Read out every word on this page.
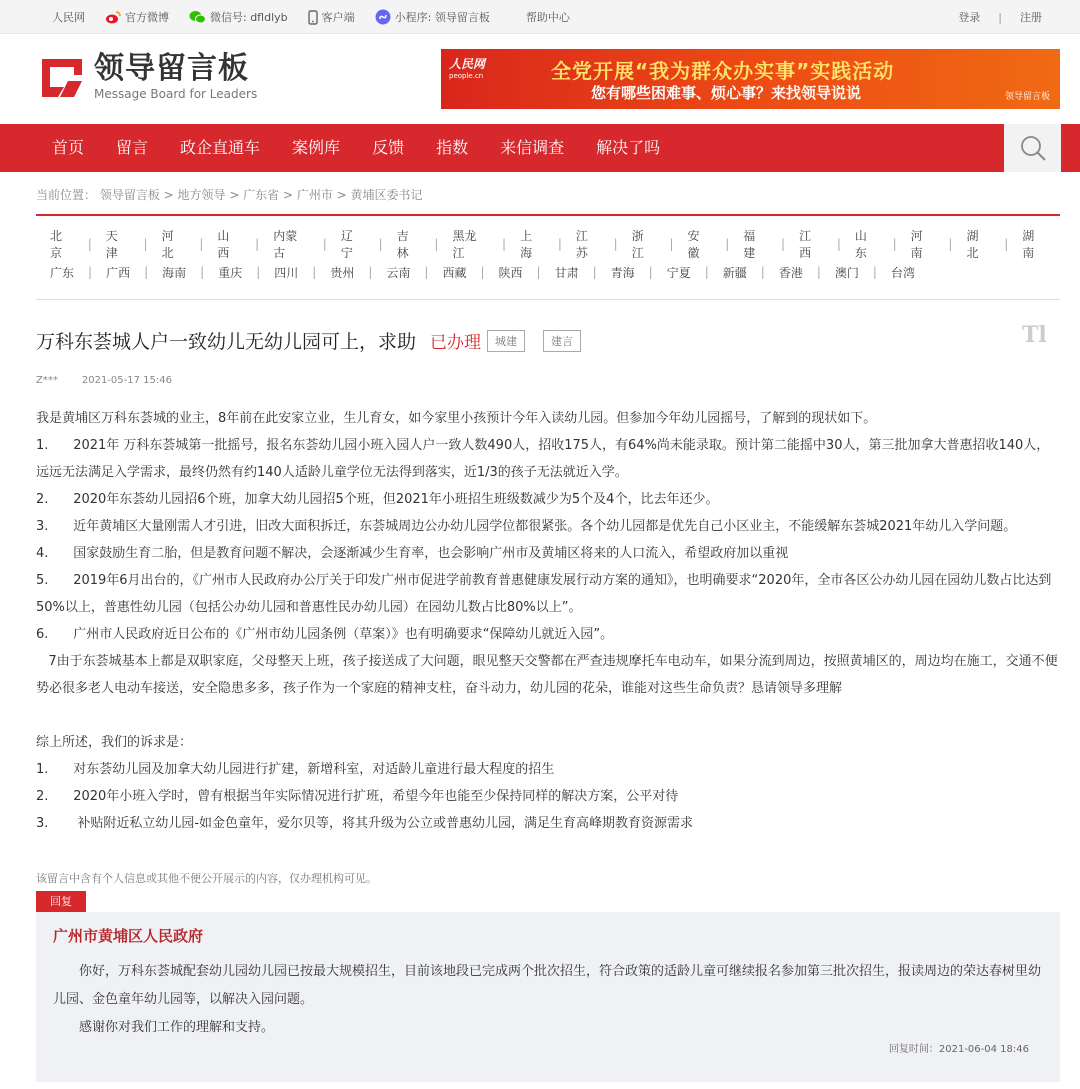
人民网	官方微博	微信号: dfldlyb	客户端	小程序: 领导留言板	帮助中心	登录 | 注册
领导留言板
Message Board for Leaders
人民网
people.cn	全党开展“我为群众办实事”实践活动
您有哪些困难事、烦心事？来找领导说说	领导留言板
首页	留言	政企直通车	案例库	反馈	指数	来信调查	解决了吗
当前位置： 领导留言板 > 地方领导 > 广东省 > 广州市 > 黄埔区委书记
北京
|
天津
|
河北
|
山西
|
内蒙古
|
辽宁
|
吉林
|
黑龙江
|
上海
|
江苏
|
浙江
|
安徽
|
福建
|
江西
|
山东
|
河南
|
湖北
|
湖南
广东	|	广西	|	海南	|	重庆	|	四川	|	贵州	|	云南	|	西藏	|	陕西	|	甘肃	|	青海	|	宁夏	|	新疆	|	香港	|	澳门	|	台湾
万科东荟城人户一致幼儿无幼儿园可上，求助 已办理	城建	建言	Tl
Z*** 2021-05-17 15:46

我是黄埔区万科东荟城的业主，8年前在此安家立业，生儿育女，如今家里小孩预计今年入读幼儿园。但参加今年幼儿园摇号，了解到的现状如下。

1.      2021年 万科东荟城第一批摇号，报名东荟幼儿园小班入园人户一致人数490人，招收175人，有64%尚未能录取。预计第二能摇中30人，第三批加拿大普惠招收140人，远远无法满足入学需求，最终仍然有约140人适龄儿童学位无法得到落实，近1/3的孩子无法就近入学。

2.      2020年东荟幼儿园招6个班，加拿大幼儿园招5个班，但2021年小班招生班级数减少为5个及4个，比去年还少。

3.      近年黄埔区大量刚需人才引进，旧改大面积拆迁，东荟城周边公办幼儿园学位都很紧张。各个幼儿园都是优先自己小区业主，不能缓解东荟城2021年幼儿入学问题。

4.      国家鼓励生育二胎，但是教育问题不解决，会逐渐减少生育率，也会影响广州市及黄埔区将来的人口流入，希望政府加以重视

5.      2019年6月出台的，《广州市人民政府办公厅关于印发广州市促进学前教育普惠健康发展行动方案的通知》，也明确要求“2020年，全市各区公办幼儿园在园幼儿数占比达到50%以上，普惠性幼儿园（包括公办幼儿园和普惠性民办幼儿园）在园幼儿数占比80%以上”。

6.      广州市人民政府近日公布的《广州市幼儿园条例（草案）》也有明确要求“保障幼儿就近入园”。

7由于东荟城基本上都是双职家庭，父母整天上班，孩子接送成了大问题，眼见整天交警都在严查违规摩托车电动车，如果分流到周边，按照黄埔区的，周边均在施工，交通不便势必很多老人电动车接送，安全隐患多多，孩子作为一个家庭的精神支柱，奋斗动力，幼儿园的花朵，谁能对这些生命负责？恳请领导多理解

综上所述，我们的诉求是：

1.      对东荟幼儿园及加拿大幼儿园进行扩建，新增科室，对适龄儿童进行最大程度的招生

2.      2020年小班入学时，曾有根据当年实际情况进行扩班，希望今年也能至少保持同样的解决方案，公平对待

3.       补贴附近私立幼儿园-如金色童年，爱尔贝等，将其升级为公立或普惠幼儿园，满足生育高峰期教育资源需求

该留言中含有个人信息或其他不便公开展示的内容，仅办理机构可见。
回复
广州市黄埔区人民政府

你好，万科东荟城配套幼儿园幼儿园已按最大规模招生，目前该地段已完成两个批次招生，符合政策的适龄儿童可继续报名参加第三批次招生，报读周边的荣达春树里幼儿园、金色童年幼儿园等，以解决入园问题。

感谢你对我们工作的理解和支持。

回复时间：2021-06-04 18:46
